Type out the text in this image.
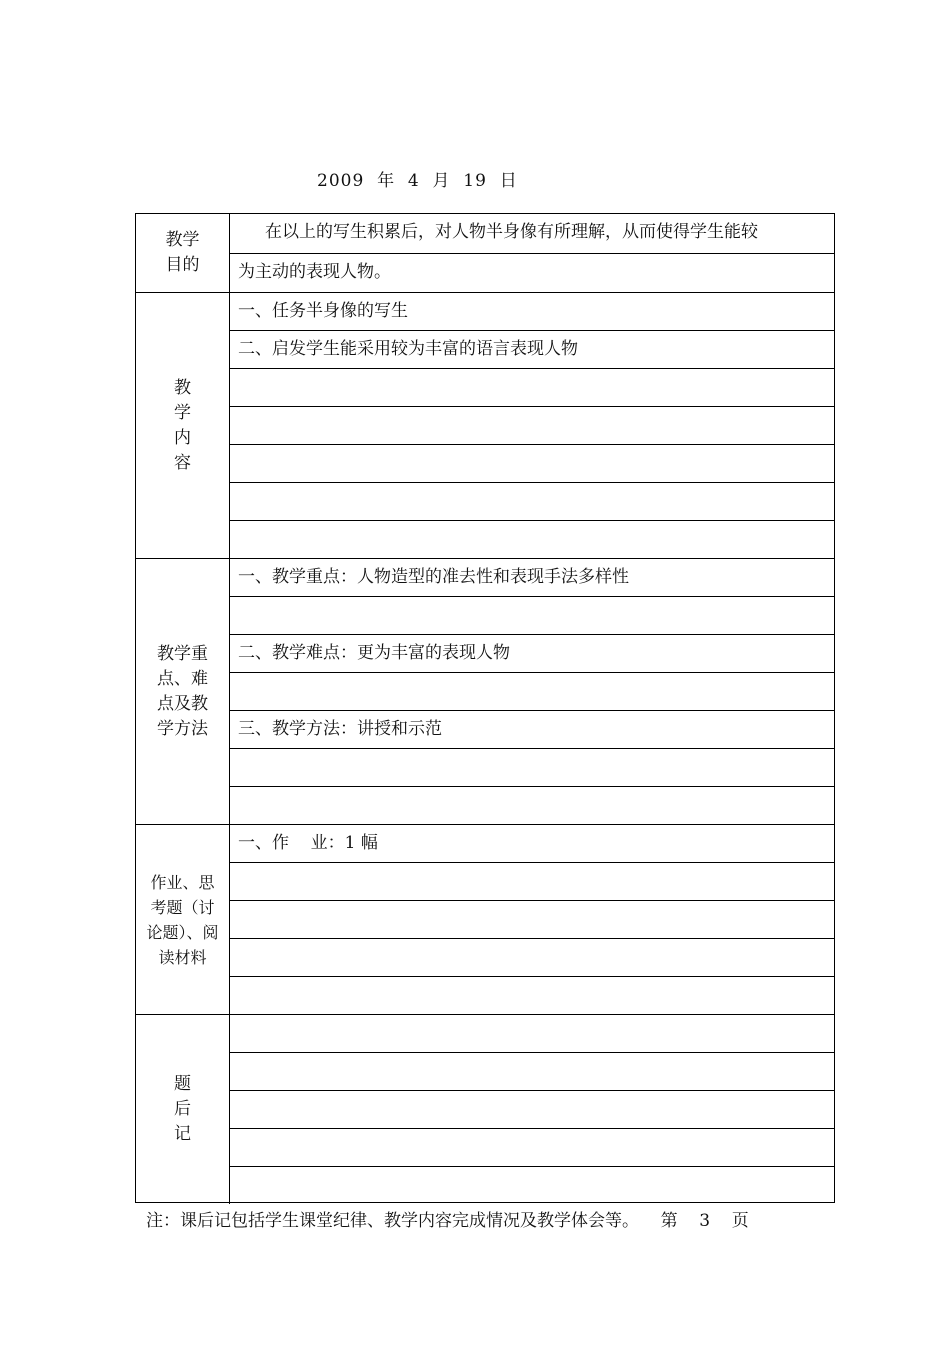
2009  年  4  月  19  日
教学
目的
在以上的写生积累后，对人物半身像有所理解，从而使得学生能较
为主动的表现人物。
教
学
内
容
一、任务半身像的写生
二、启发学生能采用较为丰富的语言表现人物
教学重
点、难
点及教
学方法
一、教学重点：人物造型的准去性和表现手法多样性
二、教学难点：更为丰富的表现人物
三、教学方法：讲授和示范
作业、思
考题（讨
论题）、阅
读材料
一、作    业：1 幅
题
后
记
注：课后记包括学生课堂纪律、教学内容完成情况及教学体会等。 第 3 页
